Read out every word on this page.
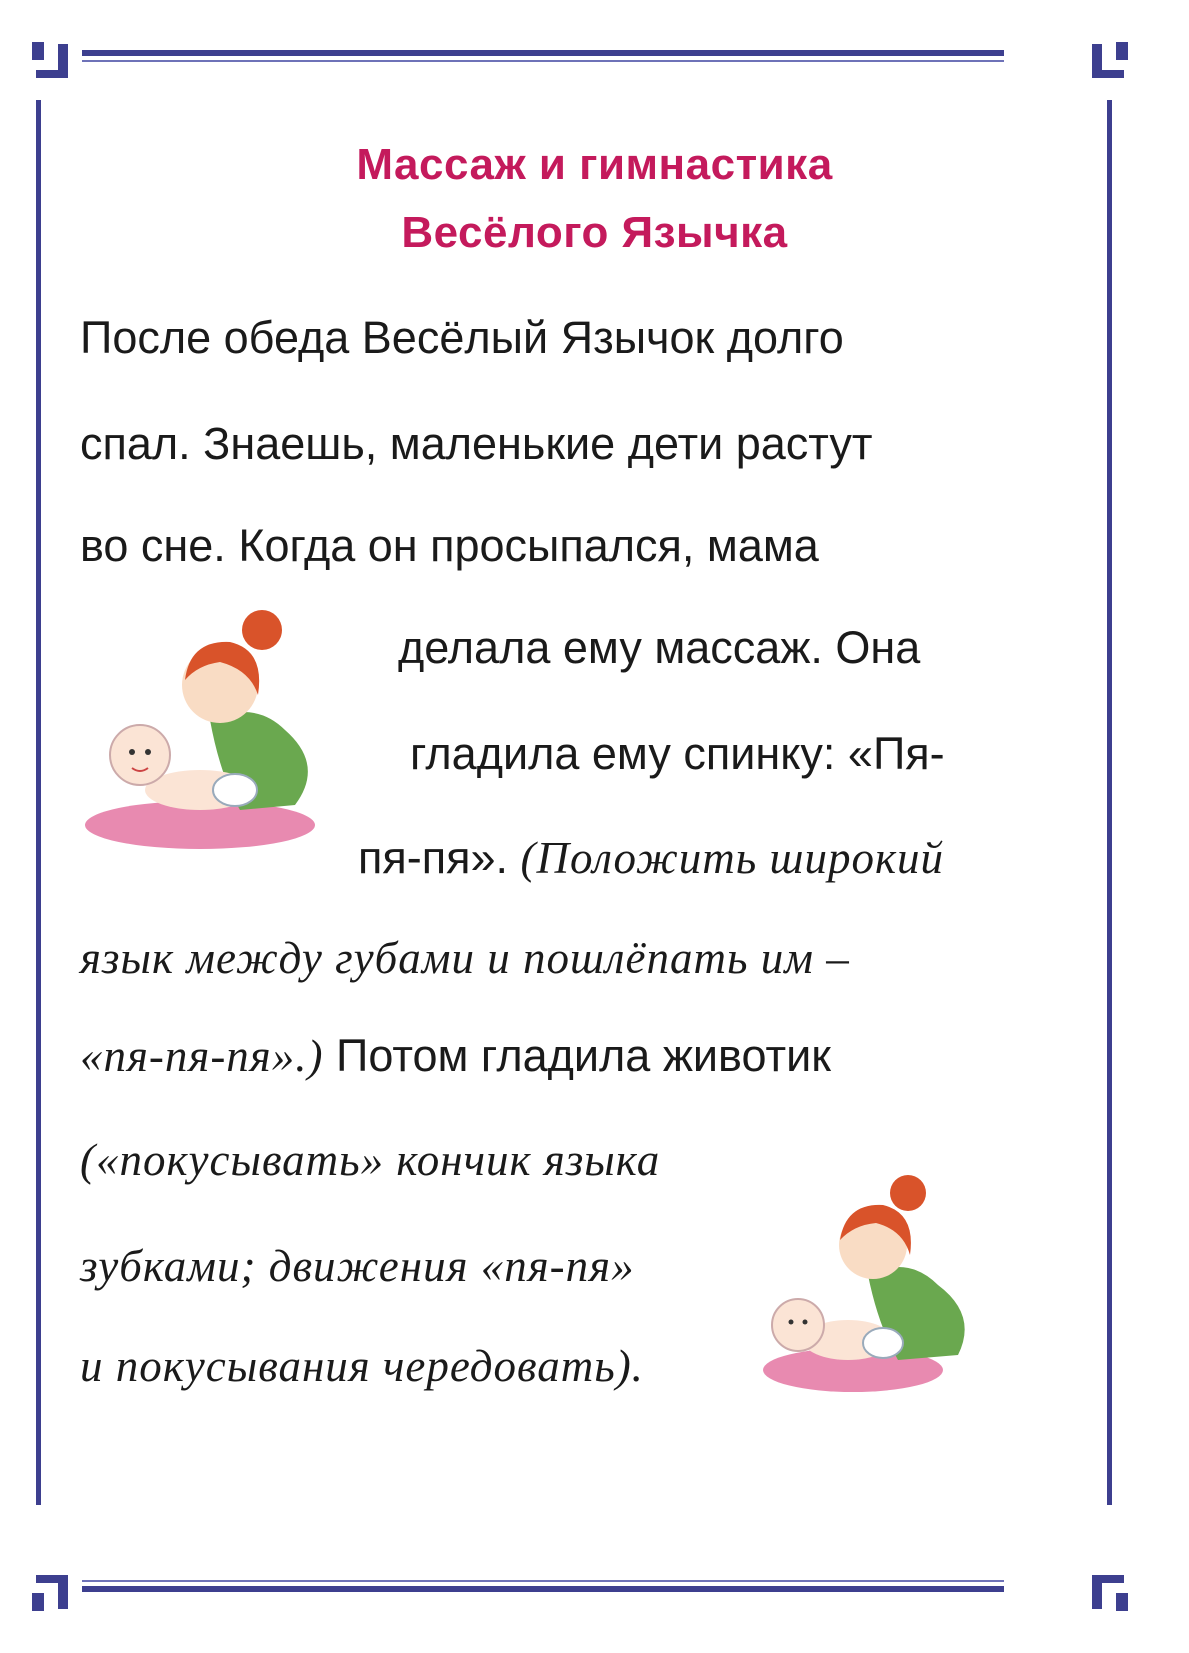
Массаж и гимнастика
Весёлого Язычка
После обеда Весёлый Язычок долго
спал. Знаешь, маленькие дети растут
во сне. Когда он просыпался, мама
делала ему массаж. Она
гладила ему спинку: «Пя-
пя-пя». (Положить широкий
язык между губами и пошлёпать им –
«пя-пя-пя».) Потом гладила животик
(«покусывать» кончик языка
зубками; движения «пя-пя»
и покусывания чередовать).
